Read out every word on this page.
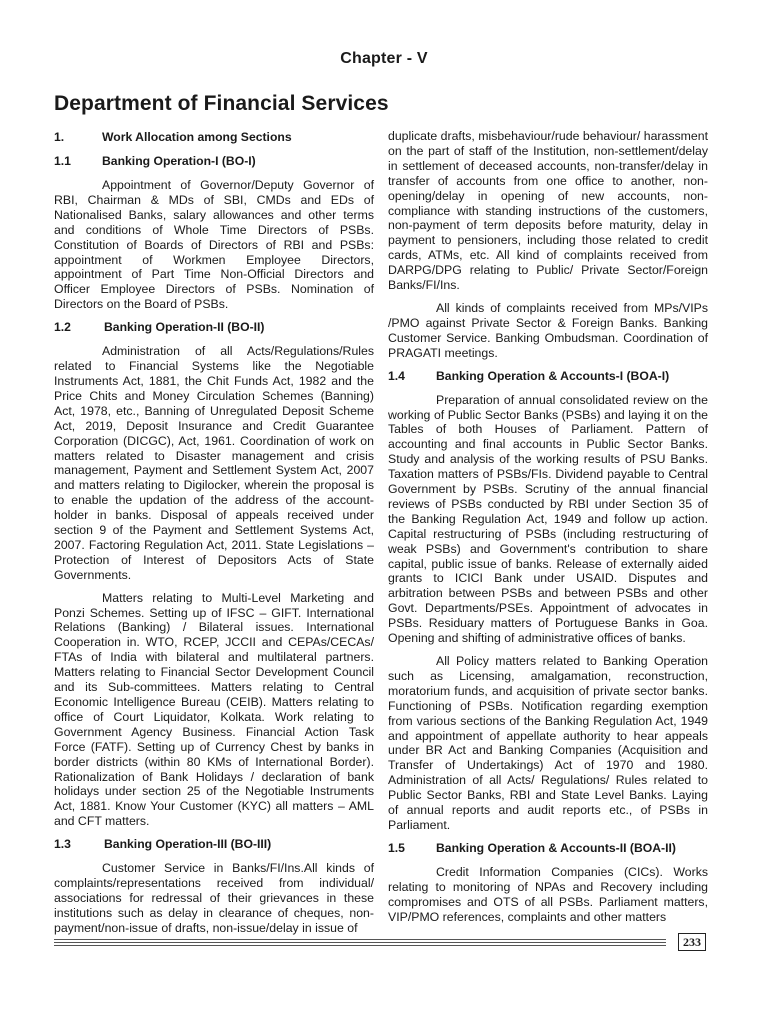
Chapter - V
Department of Financial Services
1.	Work Allocation among Sections
1.1	Banking Operation-I (BO-I)

Appointment of Governor/Deputy Governor of RBI, Chairman & MDs of SBI, CMDs and EDs of Nationalised Banks, salary allowances and other terms and conditions of Whole Time Directors of PSBs. Constitution of Boards of Directors of RBI and PSBs: appointment of Workmen Employee Directors, appointment of Part Time Non-Official Directors and Officer Employee Directors of PSBs. Nomination of Directors on the Board of PSBs.

1.2	Banking Operation-II (BO-II)

Administration of all Acts/Regulations/Rules related to Financial Systems like the Negotiable Instruments Act, 1881, the Chit Funds Act, 1982 and the Price Chits and Money Circulation Schemes (Banning) Act, 1978, etc., Banning of Unregulated Deposit Scheme Act, 2019, Deposit Insurance and Credit Guarantee Corporation (DICGC), Act, 1961. Coordination of work on matters related to Disaster management and crisis management, Payment and Settlement System Act, 2007 and matters relating to Digilocker, wherein the proposal is to enable the updation of the address of the account-holder in banks. Disposal of appeals received under section 9 of the Payment and Settlement Systems Act, 2007. Factoring Regulation Act, 2011. State Legislations – Protection of Interest of Depositors Acts of State Governments.

Matters relating to Multi-Level Marketing and Ponzi Schemes. Setting up of IFSC – GIFT. International Relations (Banking) / Bilateral issues. International Cooperation in. WTO, RCEP, JCCII and CEPAs/CECAs/ FTAs of India with bilateral and multilateral partners. Matters relating to Financial Sector Development Council and its Sub-committees. Matters relating to Central Economic Intelligence Bureau (CEIB). Matters relating to office of Court Liquidator, Kolkata. Work relating to Government Agency Business. Financial Action Task Force (FATF). Setting up of Currency Chest by banks in border districts (within 80 KMs of International Border). Rationalization of Bank Holidays / declaration of bank holidays under section 25 of the Negotiable Instruments Act, 1881. Know Your Customer (KYC) all matters – AML and CFT matters.

1.3	Banking Operation-III (BO-III)

Customer Service in Banks/FI/Ins.All kinds of complaints/representations received from individual/ associations for redressal of their grievances in these institutions such as delay in clearance of cheques, non-payment/non-issue of drafts, non-issue/delay in issue of

duplicate drafts, misbehaviour/rude behaviour/ harassment on the part of staff of the Institution, non-settlement/delay in settlement of deceased accounts, non-transfer/delay in transfer of accounts from one office to another, non-opening/delay in opening of new accounts, non-compliance with standing instructions of the customers, non-payment of term deposits before maturity, delay in payment to pensioners, including those related to credit cards, ATMs, etc. All kind of complaints received from DARPG/DPG relating to Public/ Private Sector/Foreign Banks/FI/Ins.

All kinds of complaints received from MPs/VIPs /PMO against Private Sector & Foreign Banks. Banking Customer Service. Banking Ombudsman. Coordination of PRAGATI meetings.

1.4	Banking Operation & Accounts-I (BOA-I)

Preparation of annual consolidated review on the working of Public Sector Banks (PSBs) and laying it on the Tables of both Houses of Parliament. Pattern of accounting and final accounts in Public Sector Banks. Study and analysis of the working results of PSU Banks. Taxation matters of PSBs/FIs. Dividend payable to Central Government by PSBs. Scrutiny of the annual financial reviews of PSBs conducted by RBI under Section 35 of the Banking Regulation Act, 1949 and follow up action. Capital restructuring of PSBs (including restructuring of weak PSBs) and Government's contribution to share capital, public issue of banks. Release of externally aided grants to ICICI Bank under USAID. Disputes and arbitration between PSBs and between PSBs and other Govt. Departments/PSEs. Appointment of advocates in PSBs. Residuary matters of Portuguese Banks in Goa. Opening and shifting of administrative offices of banks.

All Policy matters related to Banking Operation such as Licensing, amalgamation, reconstruction, moratorium funds, and acquisition of private sector banks. Functioning of PSBs. Notification regarding exemption from various sections of the Banking Regulation Act, 1949 and appointment of appellate authority to hear appeals under BR Act and Banking Companies (Acquisition and Transfer of Undertakings) Act of 1970 and 1980. Administration of all Acts/ Regulations/ Rules related to Public Sector Banks, RBI and State Level Banks. Laying of annual reports and audit reports etc., of PSBs in Parliament.

1.5	Banking Operation & Accounts-II (BOA-II)

Credit Information Companies (CICs). Works relating to monitoring of NPAs and Recovery including compromises and OTS of all PSBs. Parliament matters, VIP/PMO references, complaints and other matters

233
